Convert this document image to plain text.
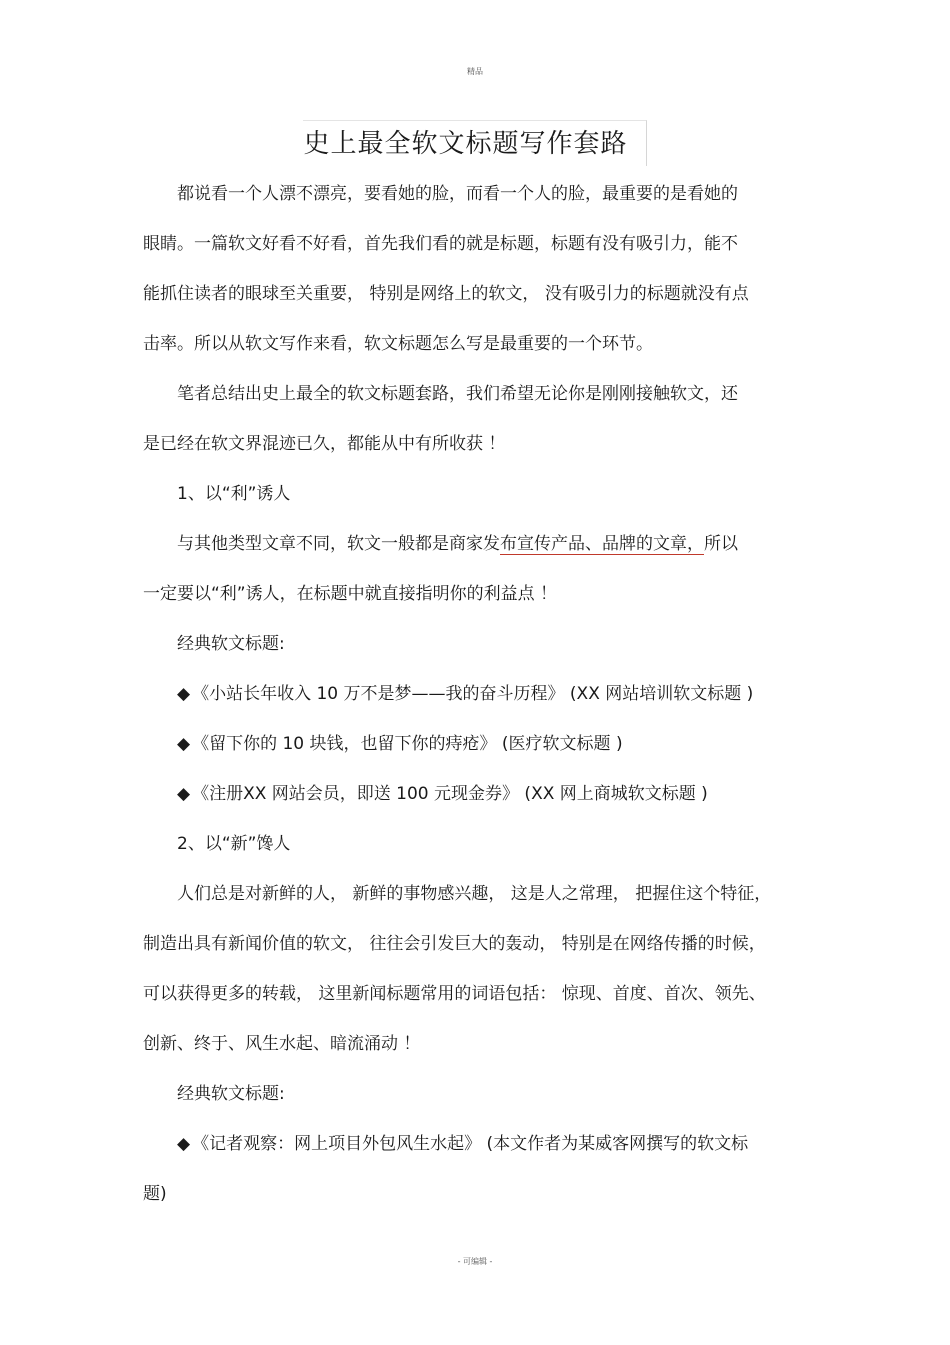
精品
史上最全软文标题写作套路
都说看一个人漂不漂亮，要看她的脸，而看一个人的脸，最重要的是看她的
眼睛。一篇软文好看不好看，首先我们看的就是标题，标题有没有吸引力，能不
能抓住读者的眼球至关重要， 特别是网络上的软文， 没有吸引力的标题就没有点
击率。所以从软文写作来看，软文标题怎么写是最重要的一个环节。
笔者总结出史上最全的软文标题套路，我们希望无论你是刚刚接触软文，还
是已经在软文界混迹已久，都能从中有所收获 ！
1、以“利”诱人
与其他类型文章不同，软文一般都是商家发布宣传产品、品牌的文章，所以
一定要以“利”诱人，在标题中就直接指明你的利益点 ！
经典软文标题:
◆ 《小站长年收入 10 万不是梦——我的奋斗历程》 (XX 网站培训软文标题 )
◆ 《留下你的 10 块钱，也留下你的痔疮》 (医疗软文标题 )
◆ 《注册XX 网站会员，即送 100 元现金券》 (XX 网上商城软文标题 )
2、以“新”馋人
人们总是对新鲜的人， 新鲜的事物感兴趣， 这是人之常理， 把握住这个特征，
制造出具有新闻价值的软文， 往往会引发巨大的轰动， 特别是在网络传播的时候，
可以获得更多的转载， 这里新闻标题常用的词语包括： 惊现、首度、首次、领先、
创新、终于、风生水起、暗流涌动 ！
经典软文标题:
◆ 《记者观察：网上项目外包风生水起》 (本文作者为某威客网撰写的软文标
题)
- 可编辑 -
